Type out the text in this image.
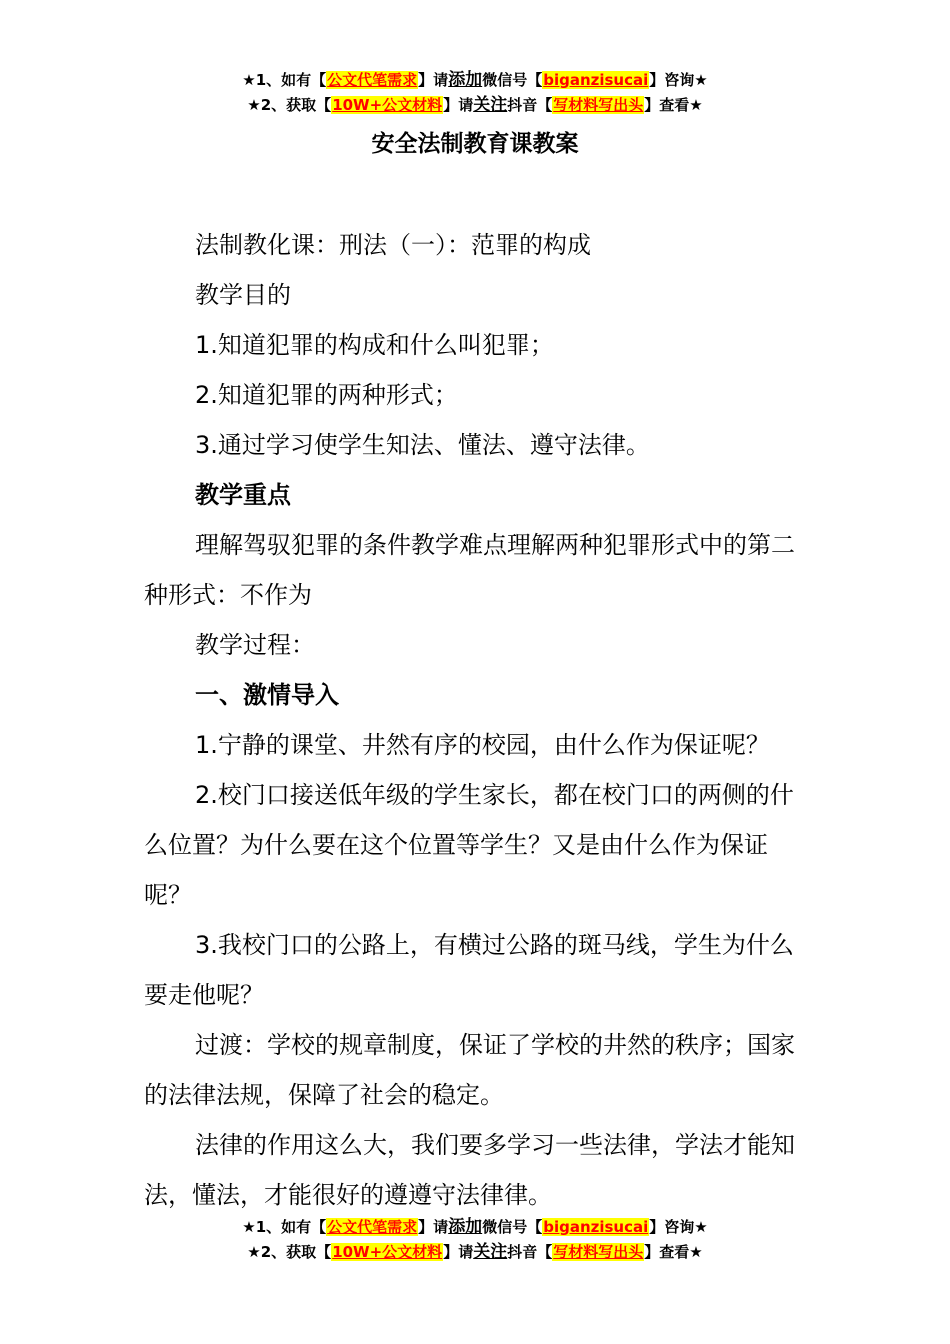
★1、如有【公文代笔需求】请添加微信号【biganzisucai】咨询★
★2、获取【10W+公文材料】请关注抖音【写材料写出头】查看★
安全法制教育课教案

法制教化课：刑法（一）：范罪的构成

教学目的

1.知道犯罪的构成和什么叫犯罪；

2.知道犯罪的两种形式；

3.通过学习使学生知法、懂法、遵守法律。

教学重点

理解驾驭犯罪的条件教学难点理解两种犯罪形式中的第二种形式：不作为

教学过程：

一、激情导入

1.宁静的课堂、井然有序的校园，由什么作为保证呢？

2.校门口接送低年级的学生家长，都在校门口的两侧的什么位置？为什么要在这个位置等学生？又是由什么作为保证呢？

3.我校门口的公路上，有横过公路的斑马线，学生为什么要走他呢？

过渡：学校的规章制度，保证了学校的井然的秩序；国家的法律法规，保障了社会的稳定。

法律的作用这么大，我们要多学习一些法律，学法才能知法，懂法，才能很好的遵遵守法律律。

★1、如有【公文代笔需求】请添加微信号【biganzisucai】咨询★
★2、获取【10W+公文材料】请关注抖音【写材料写出头】查看★
